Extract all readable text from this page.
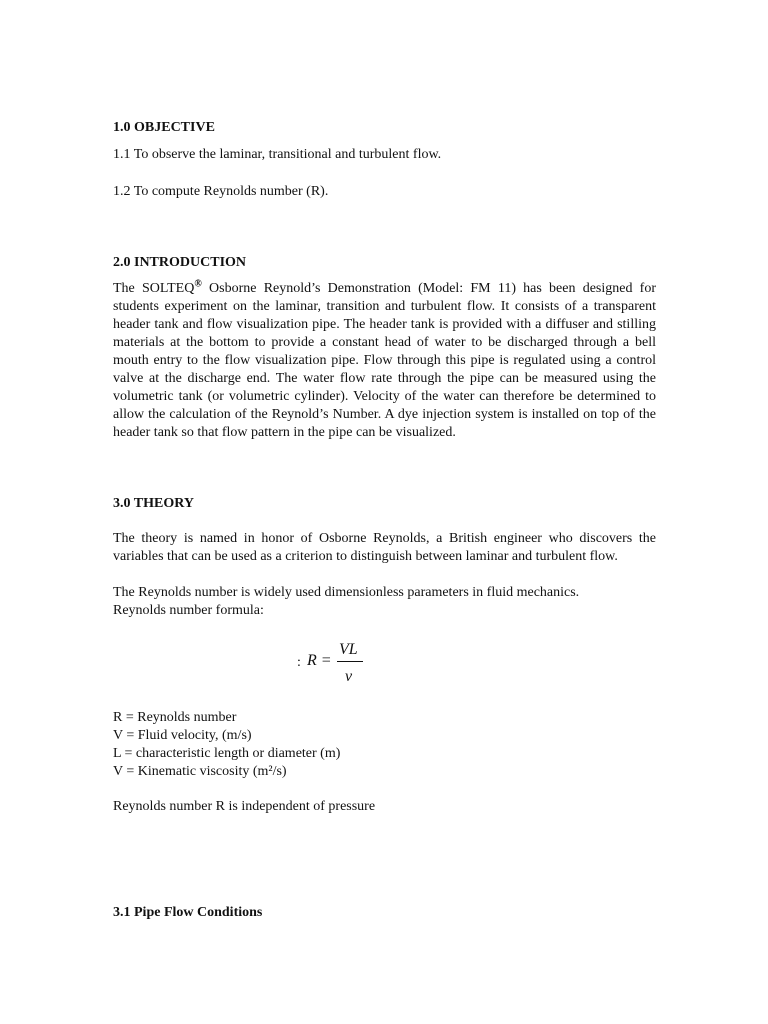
1.0 OBJECTIVE
1.1 To observe the laminar, transitional and turbulent flow.
1.2 To compute Reynolds number (R).
2.0 INTRODUCTION
The SOLTEQ® Osborne Reynold’s Demonstration (Model: FM 11) has been designed for students experiment on the laminar, transition and turbulent flow. It consists of a transparent header tank and flow visualization pipe. The header tank is provided with a diffuser and stilling materials at the bottom to provide a constant head of water to be discharged through a bell mouth entry to the flow visualization pipe. Flow through this pipe is regulated using a control valve at the discharge end. The water flow rate through the pipe can be measured using the volumetric tank (or volumetric cylinder). Velocity of the water can therefore be determined to allow the calculation of the Reynold’s Number. A dye injection system is installed on top of the header tank so that flow pattern in the pipe can be visualized.
3.0 THEORY
The theory is named in honor of Osborne Reynolds, a British engineer who discovers the variables that can be used as a criterion to distinguish between laminar and turbulent flow.
The Reynolds number is widely used dimensionless parameters in fluid mechanics.
Reynolds number formula:
: R =
VL
v
R = Reynolds number
V = Fluid velocity, (m/s)
L = characteristic length or diameter (m)
V = Kinematic viscosity (m²/s)
Reynolds number R is independent of pressure
3.1 Pipe Flow Conditions
